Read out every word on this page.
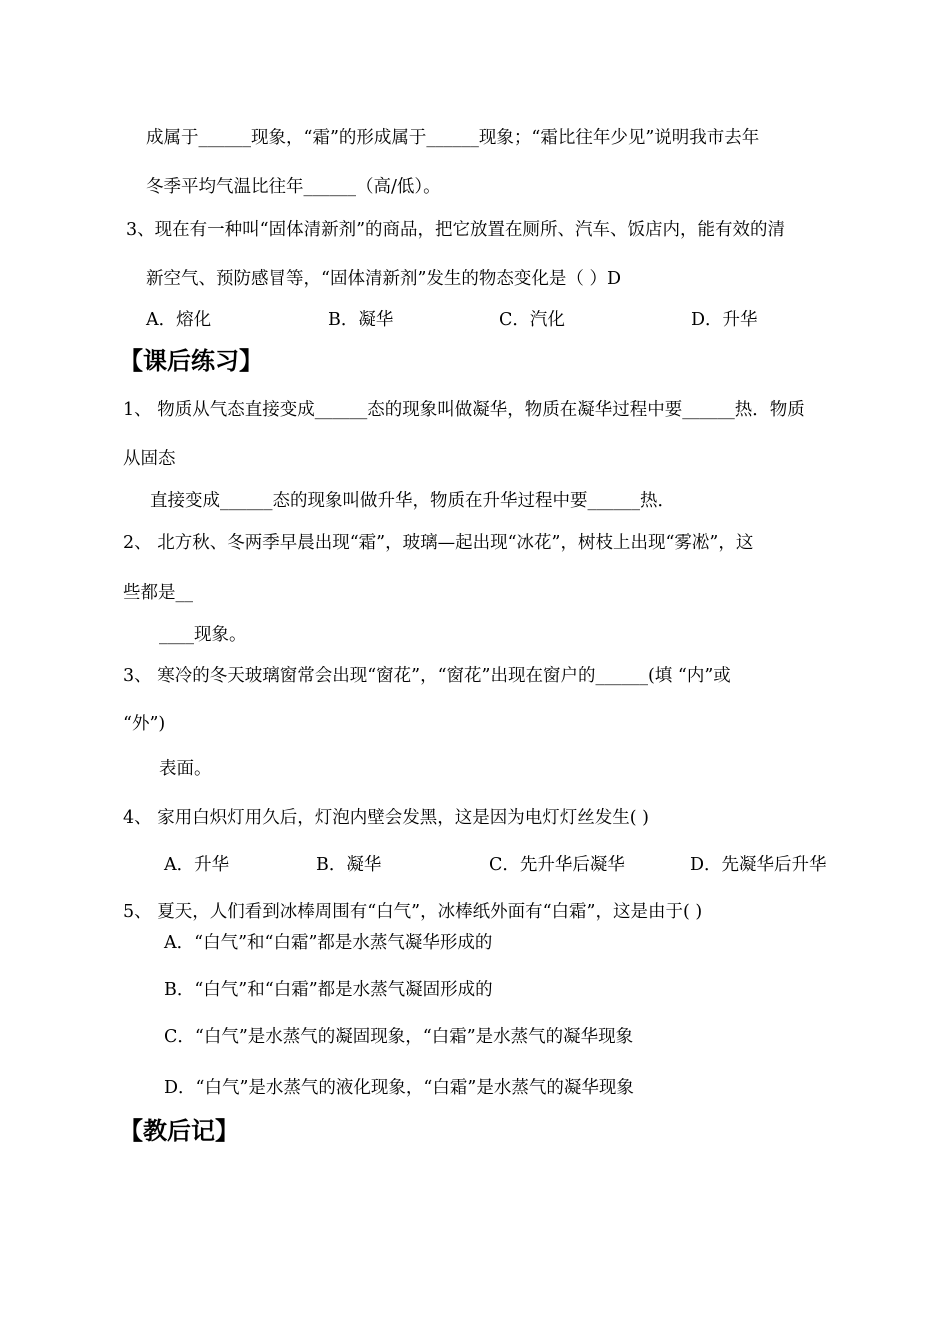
成属于______现象，“霜”的形成属于______现象；“霜比往年少见”说明我市去年
冬季平均气温比往年______（高/低）。
3、现在有一种叫“固体清新剂”的商品，把它放置在厕所、汽车、饭店内，能有效的清
新空气、预防感冒等，“固体清新剂”发生的物态变化是（ ）D
A．熔化	B．凝华	C．汽化	D．升华
【课后练习】
1、 物质从气态直接变成______态的现象叫做凝华，物质在凝华过程中要______热．物质
从固态
直接变成______态的现象叫做升华，物质在升华过程中要______热．
2、 北方秋、冬两季早晨出现“霜”，玻璃—起出现“冰花”，树枝上出现“雾凇”，这
些都是__
____现象。
3、 寒冷的冬天玻璃窗常会出现“窗花”，“窗花”出现在窗户的______(填 “内”或
“外”)
表面。
4、 家用白炽灯用久后，灯泡内壁会发黑，这是因为电灯灯丝发生( )
A．升华	B．凝华	C．先升华后凝华	D．先凝华后升华
5、 夏天，人们看到冰棒周围有“白气”，冰棒纸外面有“白霜”，这是由于( )
A．“白气”和“白霜”都是水蒸气凝华形成的
B．“白气”和“白霜”都是水蒸气凝固形成的
C．“白气”是水蒸气的凝固现象，“白霜”是水蒸气的凝华现象
D．“白气”是水蒸气的液化现象，“白霜”是水蒸气的凝华现象
【教后记】
